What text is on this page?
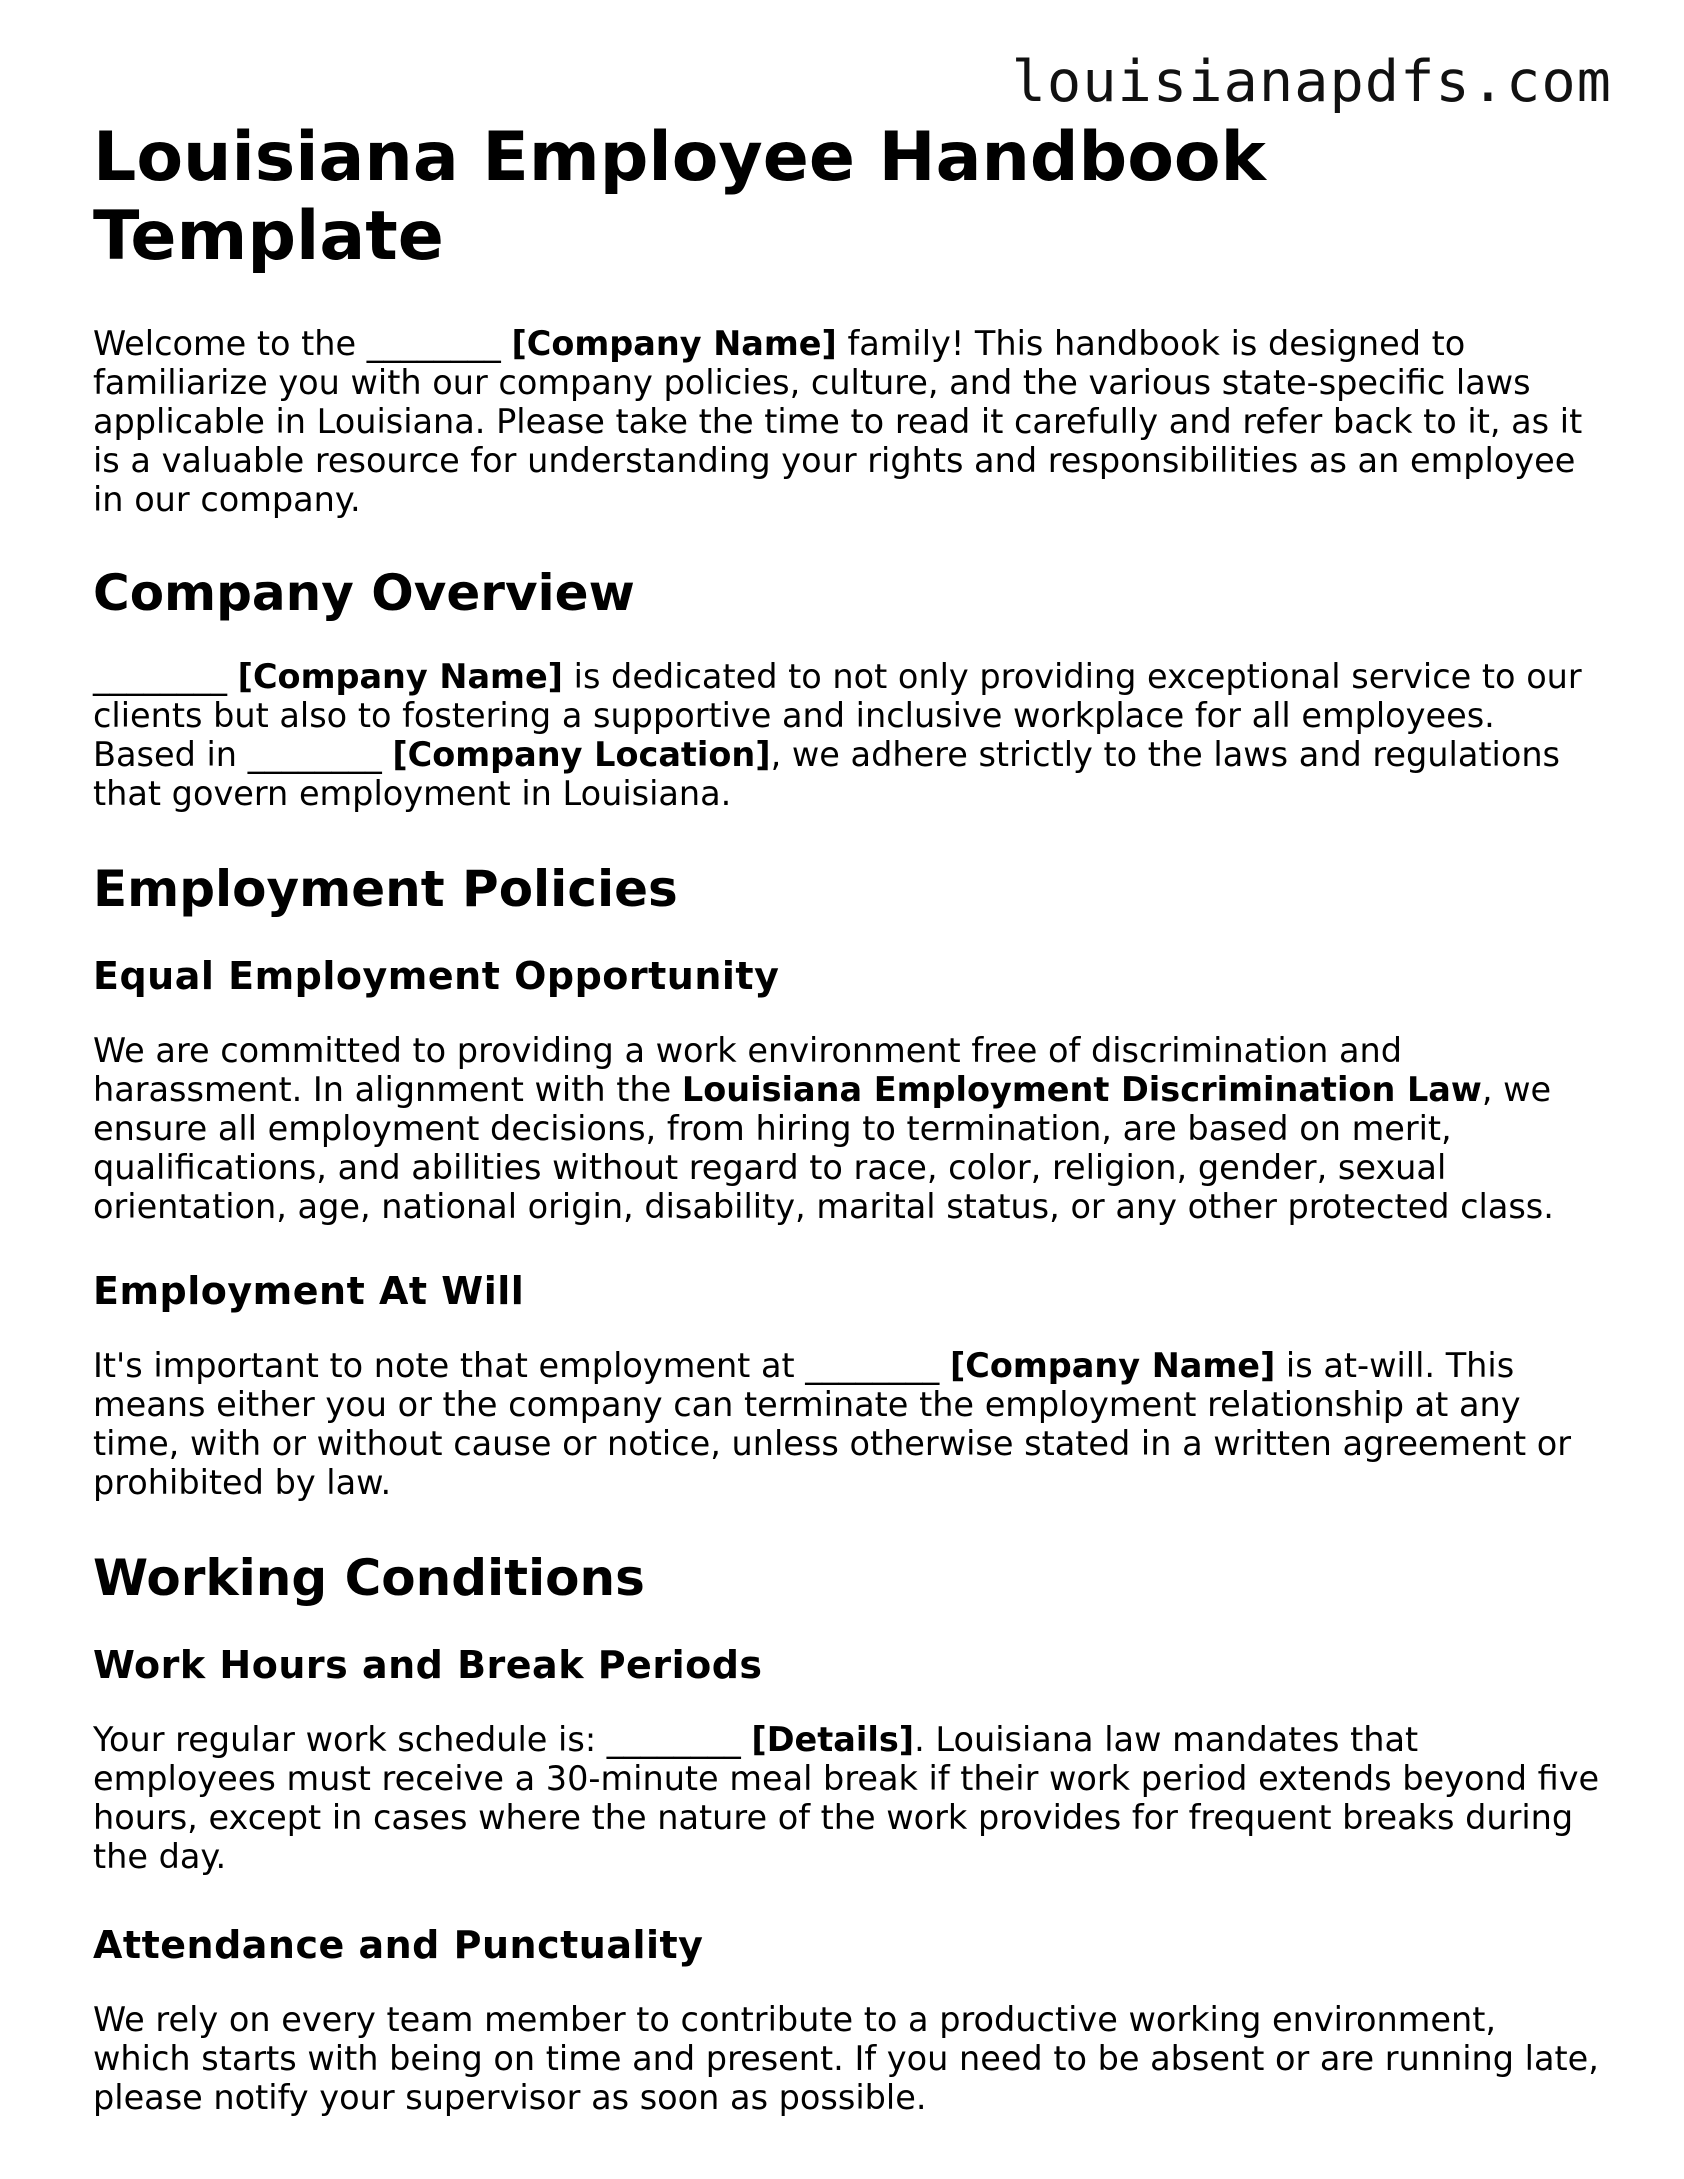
louisianapdfs.com
Louisiana Employee Handbook Template

Welcome to the ________ [Company Name] family! This handbook is designed to familiarize you with our company policies, culture, and the various state-specific laws applicable in Louisiana. Please take the time to read it carefully and refer back to it, as it is a valuable resource for understanding your rights and responsibilities as an employee in our company.

Company Overview

________ [Company Name] is dedicated to not only providing exceptional service to our clients but also to fostering a supportive and inclusive workplace for all employees. Based in ________ [Company Location], we adhere strictly to the laws and regulations that govern employment in Louisiana.

Employment Policies
Equal Employment Opportunity

We are committed to providing a work environment free of discrimination and harassment. In alignment with the Louisiana Employment Discrimination Law, we ensure all employment decisions, from hiring to termination, are based on merit, qualifications, and abilities without regard to race, color, religion, gender, sexual orientation, age, national origin, disability, marital status, or any other protected class.

Employment At Will

It's important to note that employment at ________ [Company Name] is at-will. This means either you or the company can terminate the employment relationship at any time, with or without cause or notice, unless otherwise stated in a written agreement or prohibited by law.

Working Conditions
Work Hours and Break Periods

Your regular work schedule is: ________ [Details]. Louisiana law mandates that employees must receive a 30-minute meal break if their work period extends beyond five hours, except in cases where the nature of the work provides for frequent breaks during the day.

Attendance and Punctuality

We rely on every team member to contribute to a productive working environment, which starts with being on time and present. If you need to be absent or are running late, please notify your supervisor as soon as possible.
